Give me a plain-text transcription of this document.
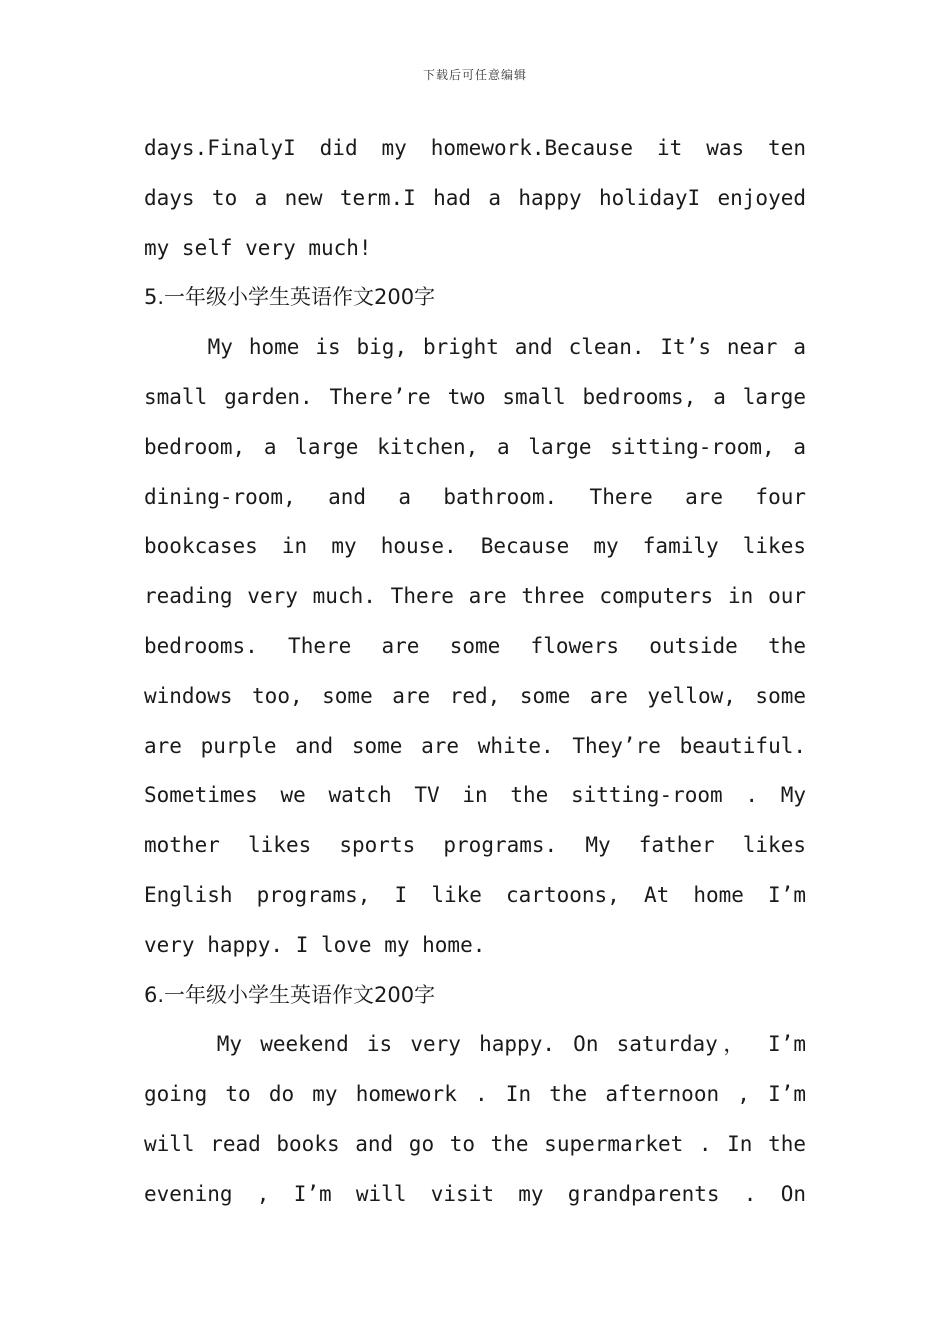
下载后可任意编辑
days.FinalyI did my homework.Because it was ten
days to a new term.I had a happy holidayI enjoyed
my self very much!
5.一年级小学生英语作文200字
My home is big, bright and clean. It’s near a
small garden. There’re two small bedrooms, a large
bedroom, a large kitchen, a large sitting-room, a
dining-room, and a bathroom. There are four
bookcases in my house. Because my family likes
reading very much. There are three computers in our
bedrooms. There are some flowers outside the
windows too, some are red, some are yellow, some
are purple and some are white. They’re beautiful.
Sometimes we watch TV in the sitting-room . My
mother likes sports programs. My father likes
English programs, I like cartoons, At home I’m
very happy. I love my home.
6.一年级小学生英语作文200字
My weekend is very happy. On saturday， I’m
going to do my homework . In the afternoon , I’m
will read books and go to the supermarket . In the
evening , I’m will visit my grandparents . On
